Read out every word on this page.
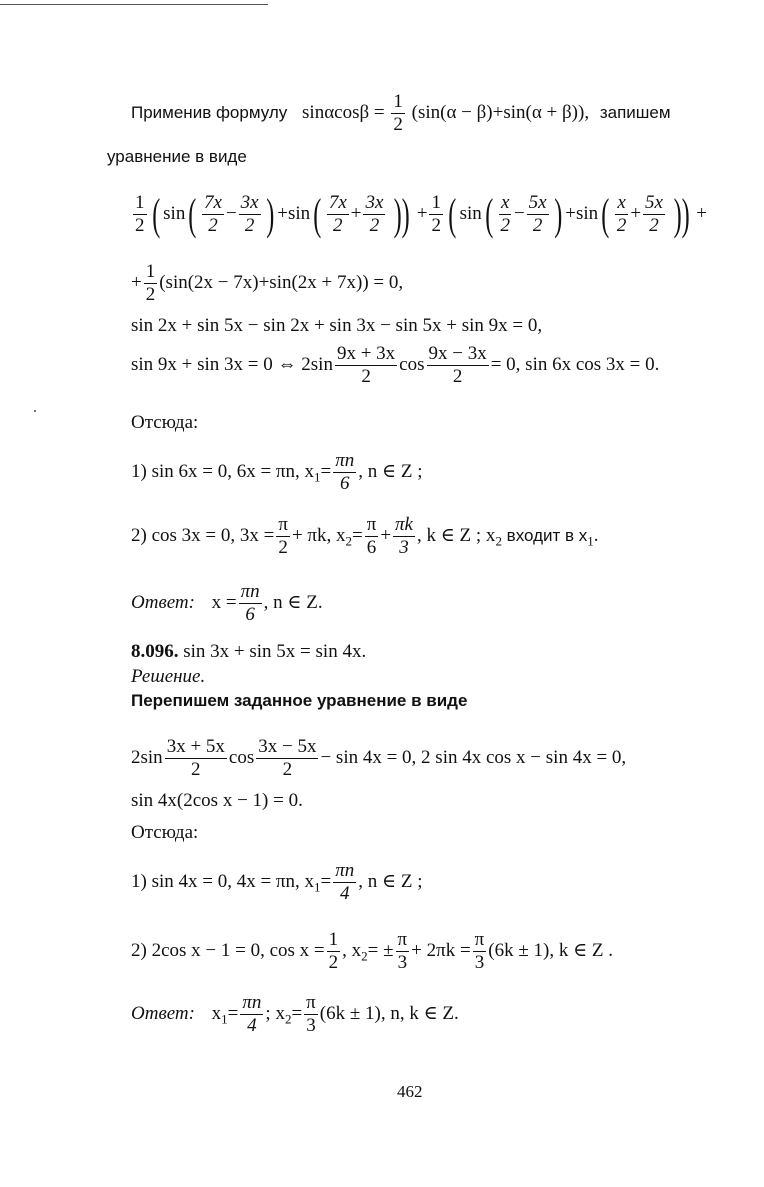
Применив формулу $\sin\alpha\cos\beta = \frac{1}{2} (\sin(\alpha - \beta)+\sin(\alpha + \beta))$, запишем
уравнение в виде
$\frac{1}{2}$ ( $\sin( \frac{7x}{2} - \frac{3x}{2}$ ) $+\sin( \frac{7x}{2} + \frac{3x}{2}$ )) + $\frac{1}{2}$ ( $\sin( \frac{x}{2} - \frac{5x}{2}$ ) $+\sin( \frac{x}{2} + \frac{5x}{2}$ )) +
+ $\frac{1}{2} (\sin(2x - 7x)+\sin(2x + 7x)) = 0$,
sin 2x + sin 5x − sin 2x + sin 3x − sin 5x + sin 9x = 0,
sin 9x + sin 3x = 0 ⇔ $2\sin \frac{9x + 3x}{2}$ $\cos \frac{9x - 3x}{2} = 0$, sin 6x cos 3x = 0.
Отсюда:
1) sin 6x = 0, 6x = πn, $x_1= \frac{\pi n}{6}$ , n ∈ Z ;
2) cos 3x = 0, $3x = \frac{\pi}{2} + \pi k$, $x_2= \frac{\pi}{6} + \frac{\pi k}{3}$ , k ∈ Z ; $x_2$ входит в $x_1$.
Ответ: $x = \frac{\pi n}{6}$ , n ∈ Z.
8.096. sin 3x + sin 5x = sin 4x.
Решение.
Перепишем заданное уравнение в виде
$2\sin \frac{3x + 5x}{2}$ $\cos \frac{3x - 5x}{2} - \sin 4x = 0$, 2 sin 4x cos x − sin 4x = 0,
sin 4x(2cos x − 1) = 0.
Отсюда:
1) sin 4x = 0, 4x = πn, $x_1= \frac{\pi n}{4}$ , n ∈ Z ;
2) 2cos x − 1 = 0, $\cos x = \frac{1}{2}$ , $x_2= \pm \frac{\pi}{3} + 2\pi k = \frac{\pi}{3} (6k \pm 1)$, k ∈ Z .
Ответ: $x_1= \frac{\pi n}{4}$ ; $x_2= \frac{\pi}{3} (6k \pm 1)$, n, k ∈ Z.
462
